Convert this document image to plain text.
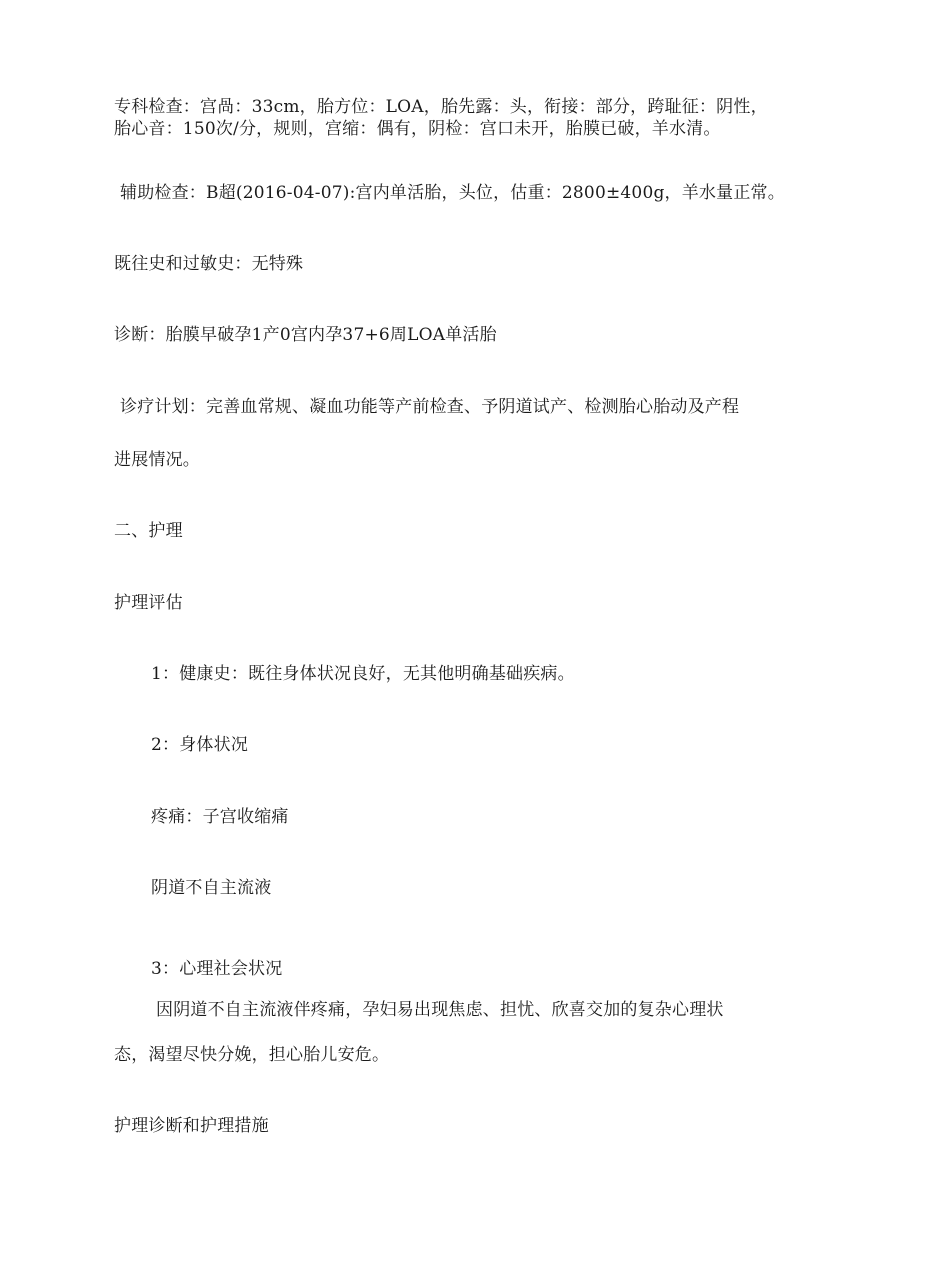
专科检查：宫咼：33cm，胎方位：LOA，胎先露：头，衔接：部分，跨耻征：阴性，
胎心音：150次/分，规则，宫缩：偶有，阴检：宫口未开，胎膜已破，羊水清。
辅助检查：B超(2016-04-07):宫内单活胎，头位，估重：2800±400g，羊水量正常。
既往史和过敏史：无特殊
诊断：胎膜早破孕1产0宫内孕37+6周LOA单活胎
诊疗计划：完善血常规、凝血功能等产前检查、予阴道试产、检测胎心胎动及产程
进展情况。
二、护理
护理评估
1：健康史：既往身体状况良好，无其他明确基础疾病。
2：身体状况
疼痛：子宫收缩痛
阴道不自主流液
3：心理社会状况
因阴道不自主流液伴疼痛，孕妇易出现焦虑、担忧、欣喜交加的复杂心理状
态，渴望尽快分娩，担心胎儿安危。
护理诊断和护理措施
